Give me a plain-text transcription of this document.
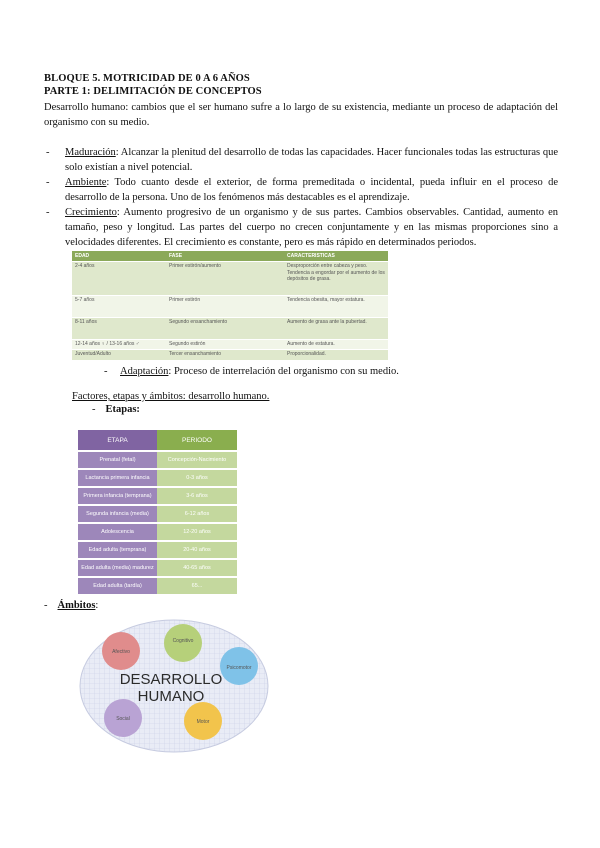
BLOQUE 5. MOTRICIDAD DE 0 A 6 AÑOS
PARTE 1: DELIMITACIÓN DE CONCEPTOS
Desarrollo humano: cambios que el ser humano sufre a lo largo de su existencia, mediante un proceso de adaptación del organismo con su medio.
- Maduración: Alcanzar la plenitud del desarrollo de todas las capacidades. Hacer funcionales todas las estructuras que solo existían a nivel potencial.
- Ambiente: Todo cuanto desde el exterior, de forma premeditada o incidental, pueda influir en el proceso de desarrollo de la persona. Uno de los fenómenos más destacables es el aprendizaje.
- Crecimiento: Aumento progresivo de un organismo y de sus partes. Cambios observables. Cantidad, aumento en tamaño, peso y longitud. Las partes del cuerpo no crecen conjuntamente y en las mismas proporciones sino a velocidades diferentes. El crecimiento es constante, pero es más rápido en determinados periodos.
EDAD	FASE	CARACTERISTICAS
2-4 años	Primer estirón/aumento	Desproporción entre cabeza y peso. Tendencia a engordar por el aumento de los depósitos de grasa.
5-7 años	Primer estirón	Tendencia obesita, mayor estatura.
8-11 años	Segundo ensanchamiento	Aumento de grasa ante la pubertad.
12-14 años ♀ / 13-16 años ♂	Segundo estirón	Aumento de estatura.
Juventud/Adulto	Tercer ensanchamiento	Proporcionalidad.
- Adaptación: Proceso de interrelación del organismo con su medio.
Factores, etapas y ámbitos: desarrollo humano.
- Etapas:
ETAPA	PERIODO
Prenatal (fetal)	Concepción-Nacimiento
Lactancia primera infancia	0-3 años
Primera infancia (temprana)	3-6 años
Segunda infancia (media)	6-12 años
Adolescencia	12-20 años
Edad adulta (temprana)	20-40 años
Edad adulta (media) madurez	40-65 años
Edad adulta (tardía)	65...
- Ámbitos:
Cognitivo
Psicomotor
Motor
Social
Afectivo
DESARROLLO
HUMANO
